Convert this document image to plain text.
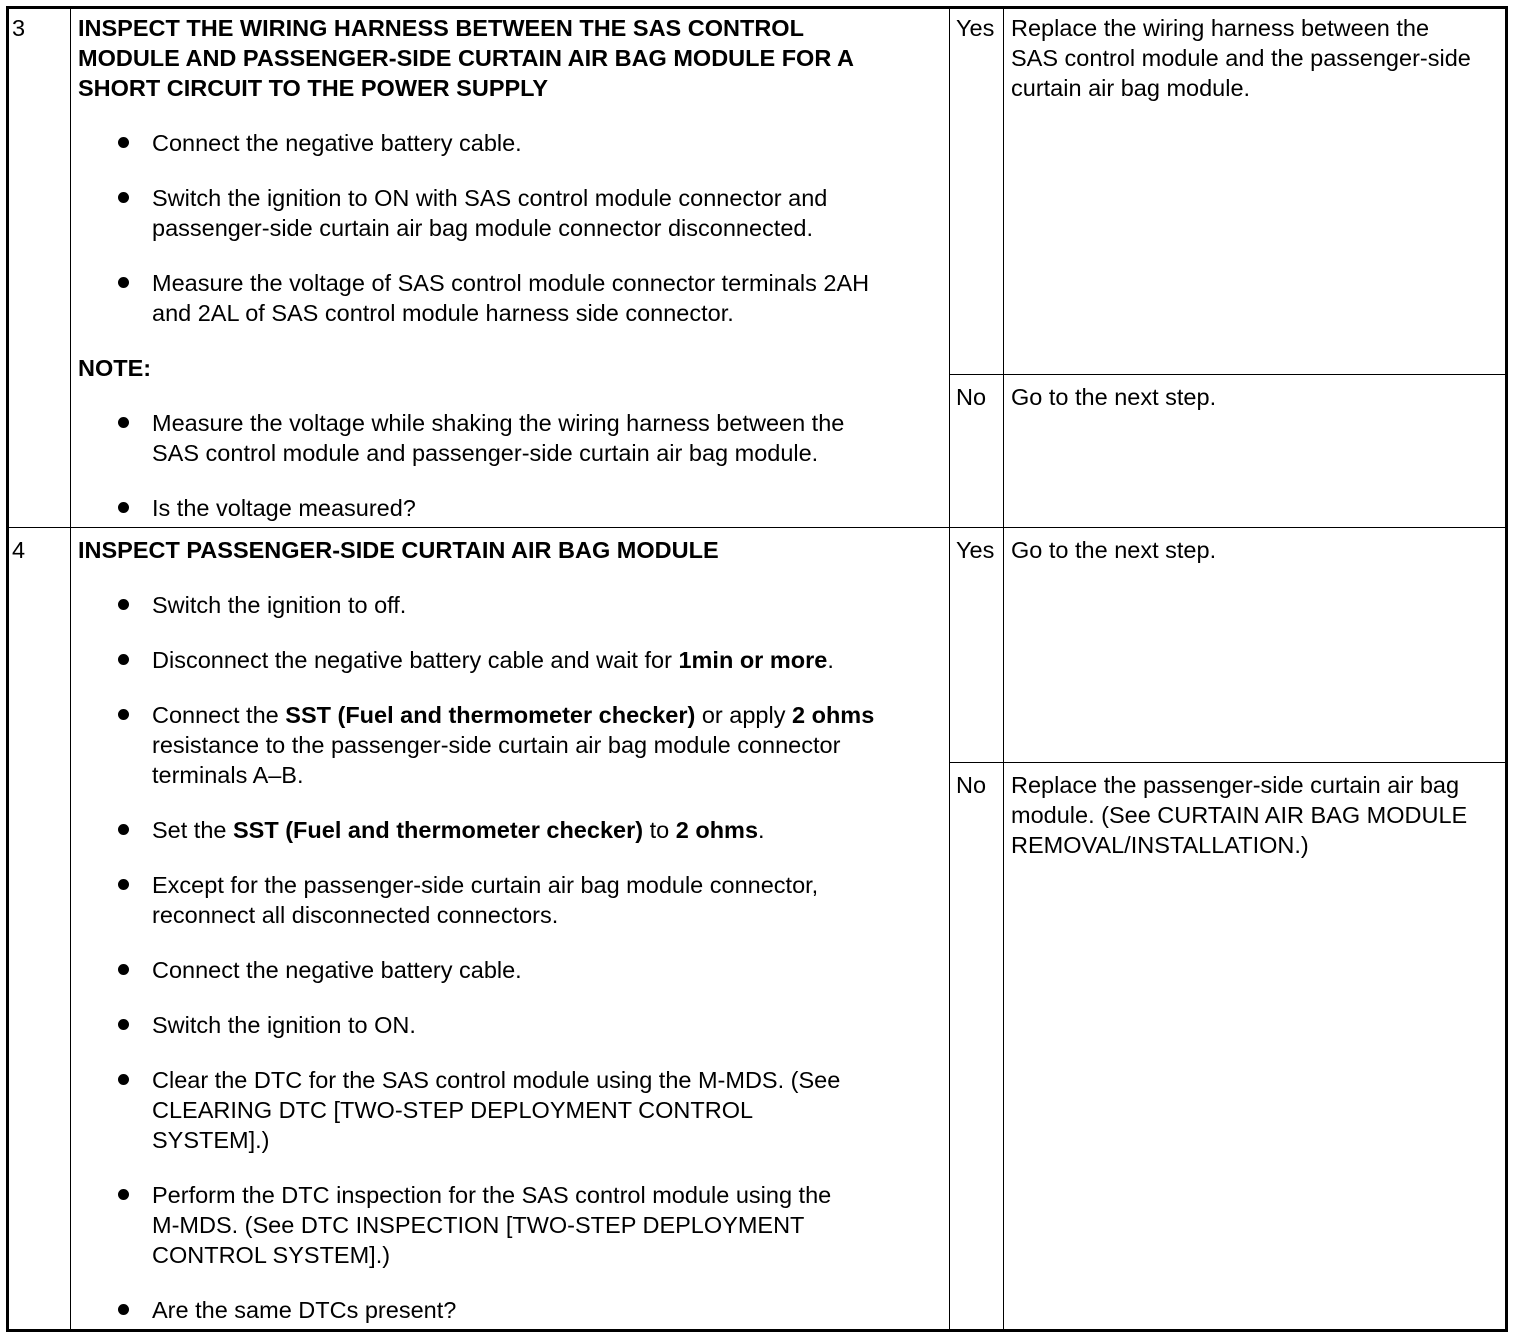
3 INSPECT THE WIRING HARNESS BETWEEN THE SAS CONTROL
MODULE AND PASSENGER-SIDE CURTAIN AIR BAG MODULE FOR A
SHORT CIRCUIT TO THE POWER SUPPLY
Connect the negative battery cable.
Switch the ignition to ON with SAS control module connector and
passenger-side curtain air bag module connector disconnected.
Measure the voltage of SAS control module connector terminals 2AH
and 2AL of SAS control module harness side connector.
NOTE:
Measure the voltage while shaking the wiring harness between the
SAS control module and passenger-side curtain air bag module.
Is the voltage measured?
Yes Replace the wiring harness between the
SAS control module and the passenger-side
curtain air bag module.
No Go to the next step.
4 INSPECT PASSENGER-SIDE CURTAIN AIR BAG MODULE
Switch the ignition to off.
Disconnect the negative battery cable and wait for 1min or more.
Connect the SST (Fuel and thermometer checker) or apply 2 ohms
resistance to the passenger-side curtain air bag module connector
terminals A–B.
Set the SST (Fuel and thermometer checker) to 2 ohms.
Except for the passenger-side curtain air bag module connector,
reconnect all disconnected connectors.
Connect the negative battery cable.
Switch the ignition to ON.
Clear the DTC for the SAS control module using the M-MDS. (See
CLEARING DTC [TWO-STEP DEPLOYMENT CONTROL
SYSTEM].)
Perform the DTC inspection for the SAS control module using the
M-MDS. (See DTC INSPECTION [TWO-STEP DEPLOYMENT
CONTROL SYSTEM].)
Are the same DTCs present?
Yes Go to the next step.
No Replace the passenger-side curtain air bag
module. (See CURTAIN AIR BAG MODULE
REMOVAL/INSTALLATION.)
